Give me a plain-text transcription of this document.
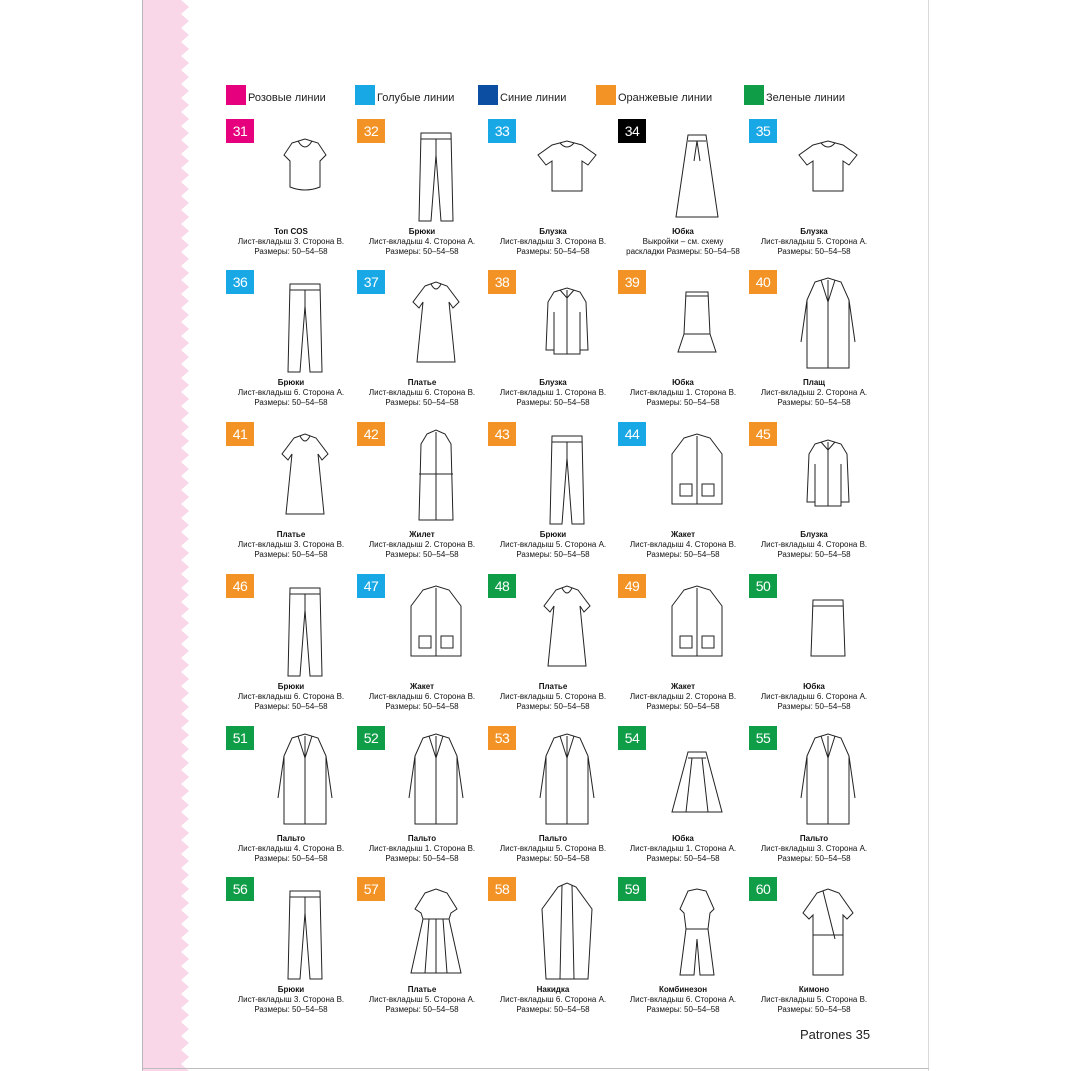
Розовые линии	Голубые линии	Синие линии	Оранжевые линии	Зеленые линии
31
Топ COS
Лист-вкладыш 3. Сторона В.
Размеры: 50–54–58
32
Брюки
Лист-вкладыш 4. Сторона А.
Размеры: 50–54–58
33
Блузка
Лист-вкладыш 3. Сторона В.
Размеры: 50–54–58
34
Юбка
Выкройки – см. схему
раскладки Размеры: 50–54–58
35
Блузка
Лист-вкладыш 5. Сторона А.
Размеры: 50–54–58
36
Брюки
Лист-вкладыш 6. Сторона А.
Размеры: 50–54–58
37
Платье
Лист-вкладыш 6. Сторона В.
Размеры: 50–54–58
38
Блузка
Лист-вкладыш 1. Сторона В.
Размеры: 50–54–58
39
Юбка
Лист-вкладыш 1. Сторона В.
Размеры: 50–54–58
40
Плащ
Лист-вкладыш 2. Сторона А.
Размеры: 50–54–58
41
Платье
Лист-вкладыш 3. Сторона В.
Размеры: 50–54–58
42
Жилет
Лист-вкладыш 2. Сторона В.
Размеры: 50–54–58
43
Брюки
Лист-вкладыш 5. Сторона А.
Размеры: 50–54–58
44
Жакет
Лист-вкладыш 4. Сторона В.
Размеры: 50–54–58
45
Блузка
Лист-вкладыш 4. Сторона В.
Размеры: 50–54–58
46
Брюки
Лист-вкладыш 6. Сторона В.
Размеры: 50–54–58
47
Жакет
Лист-вкладыш 6. Сторона В.
Размеры: 50–54–58
48
Платье
Лист-вкладыш 5. Сторона В.
Размеры: 50–54–58
49
Жакет
Лист-вкладыш 2. Сторона В.
Размеры: 50–54–58
50
Юбка
Лист-вкладыш 6. Сторона А.
Размеры: 50–54–58
51
Пальто
Лист-вкладыш 4. Сторона В.
Размеры: 50–54–58
52
Пальто
Лист-вкладыш 1. Сторона В.
Размеры: 50–54–58
53
Пальто
Лист-вкладыш 5. Сторона В.
Размеры: 50–54–58
54
Юбка
Лист-вкладыш 1. Сторона А.
Размеры: 50–54–58
55
Пальто
Лист-вкладыш 3. Сторона А.
Размеры: 50–54–58
56
Брюки
Лист-вкладыш 3. Сторона В.
Размеры: 50–54–58
57
Платье
Лист-вкладыш 5. Сторона А.
Размеры: 50–54–58
58
Накидка
Лист-вкладыш 6. Сторона А.
Размеры: 50–54–58
59
Комбинезон
Лист-вкладыш 6. Сторона А.
Размеры: 50–54–58
60
Кимоно
Лист-вкладыш 5. Сторона В.
Размеры: 50–54–58
Patrones 35
